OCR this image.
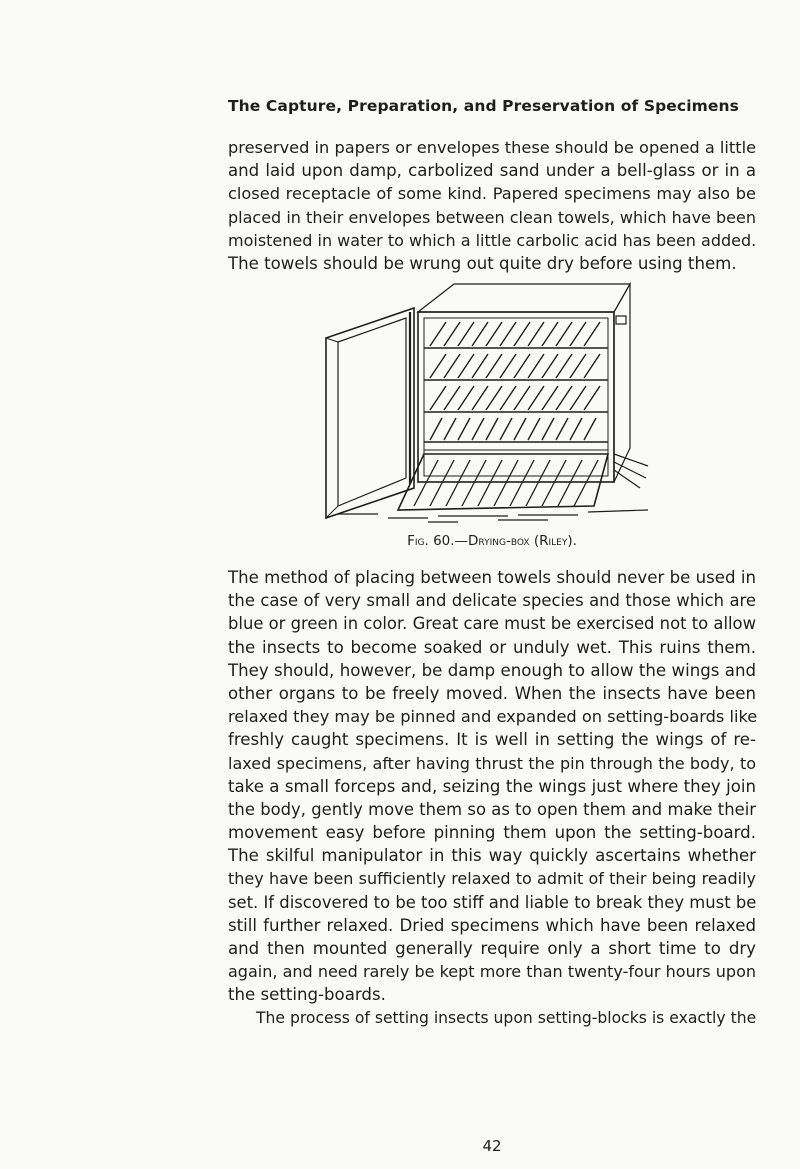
The Capture, Preparation, and Preservation of Specimens

preserved in papers or envelopes these should be opened a little
and laid upon damp, carbolized sand under a bell-glass or in a
closed receptacle of some kind. Papered specimens may also be
placed in their envelopes between clean towels, which have been
moistened in water to which a little carbolic acid has been added.
The towels should be wrung out quite dry before using them.

Fig. 60.—Drying-box (Riley).

The method of placing between towels should never be used in
the case of very small and delicate species and those which are
blue or green in color. Great care must be exercised not to allow
the insects to become soaked or unduly wet. This ruins them.
They should, however, be damp enough to allow the wings and
other organs to be freely moved. When the insects have been
relaxed they may be pinned and expanded on setting-boards like
freshly caught specimens. It is well in setting the wings of re-
laxed specimens, after having thrust the pin through the body, to
take a small forceps and, seizing the wings just where they join
the body, gently move them so as to open them and make their
movement easy before pinning them upon the setting-board.
The skilful manipulator in this way quickly ascertains whether
they have been sufficiently relaxed to admit of their being readily
set. If discovered to be too stiff and liable to break they must be
still further relaxed. Dried specimens which have been relaxed
and then mounted generally require only a short time to dry
again, and need rarely be kept more than twenty-four hours upon
the setting-boards.
The process of setting insects upon setting-blocks is exactly the

42
